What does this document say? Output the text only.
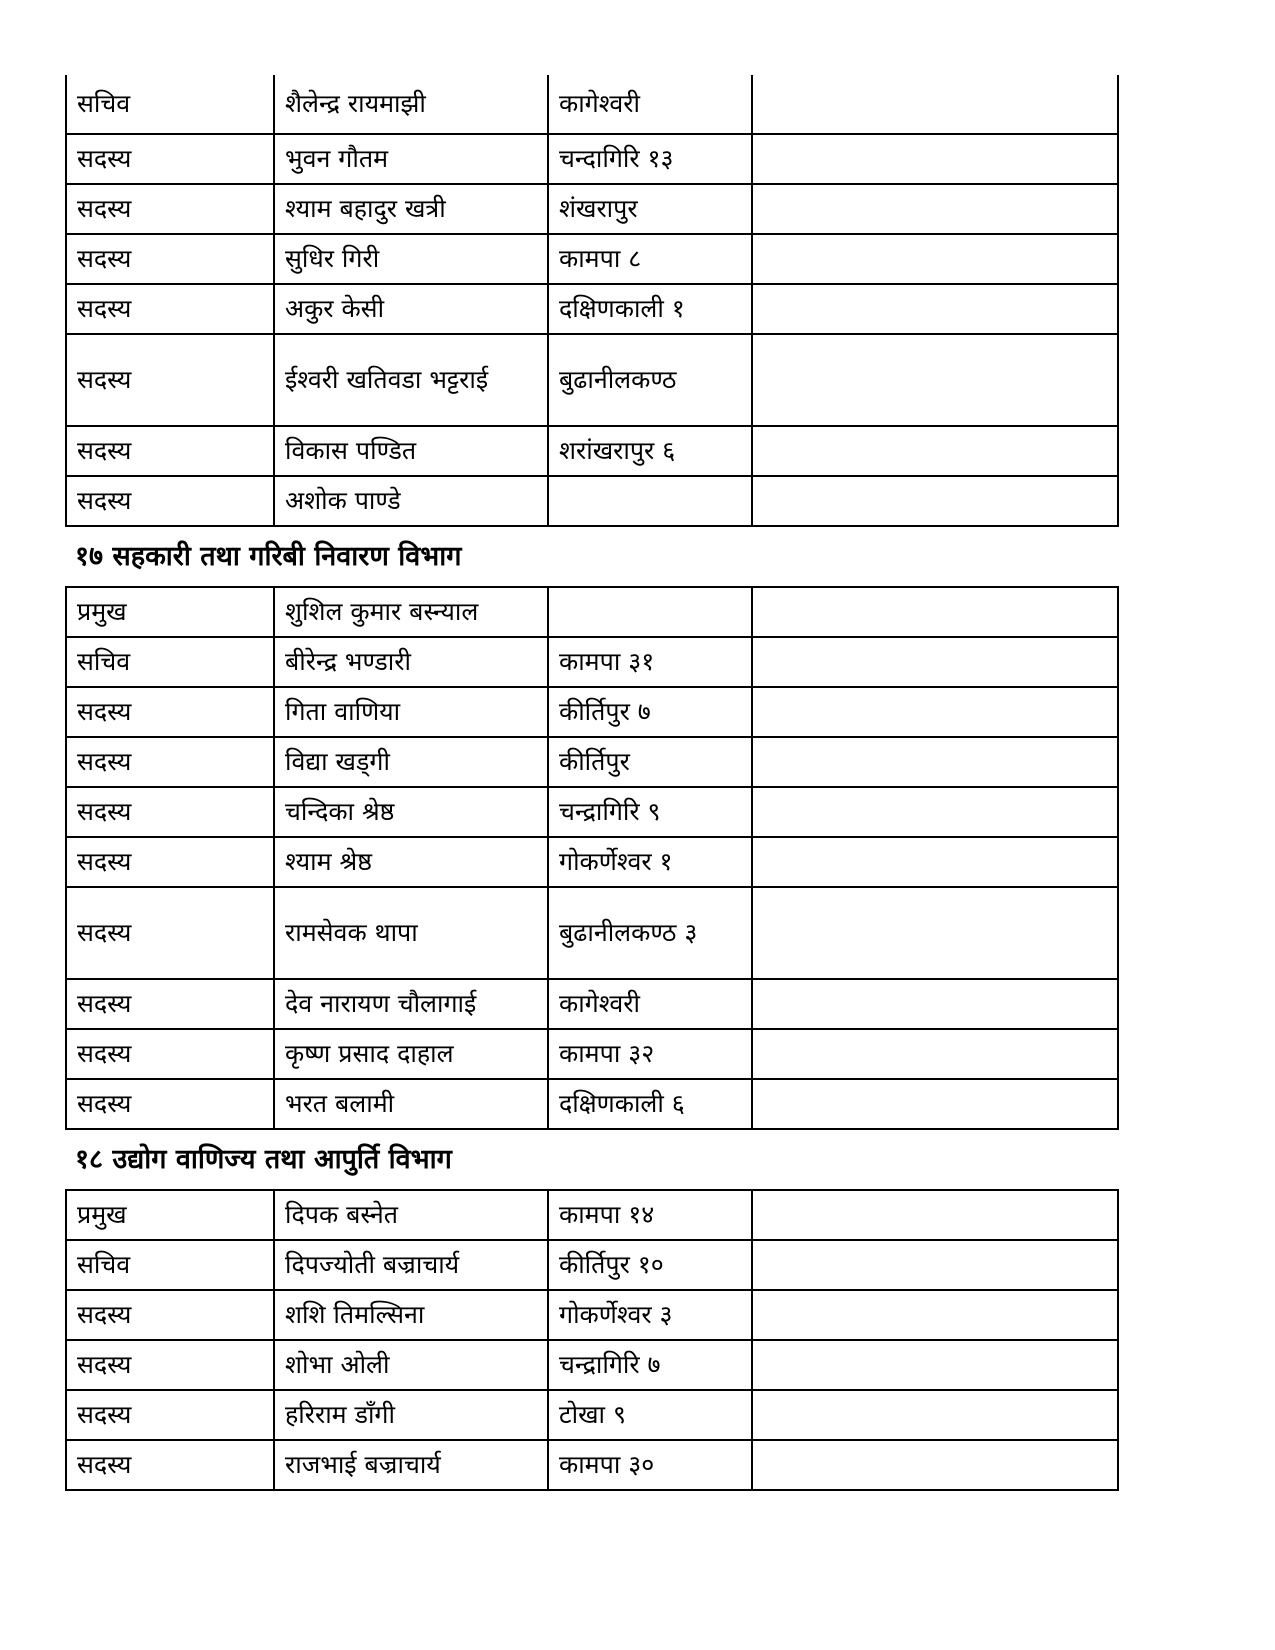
सचिव	शैलेन्द्र रायमाझी	कागेश्वरी	
सदस्य	भुवन गौतम	चन्दागिरि १३	
सदस्य	श्याम बहादुर खत्री	शंखरापुर	
सदस्य	सुधिर गिरी	कामपा ८	
सदस्य	अकुर केसी	दक्षिणकाली १	
सदस्य	ईश्वरी खतिवडा भट्टराई	बुढानीलकण्ठ	
सदस्य	विकास पण्डित	शरांखरापुर ६	
सदस्य	अशोक पाण्डे		
१७ सहकारी तथा गरिबी निवारण विभाग
प्रमुख	शुशिल कुमार बस्न्याल		
सचिव	बीरेन्द्र भण्डारी	कामपा ३१	
सदस्य	गिता वाणिया	कीर्तिपुर ७	
सदस्य	विद्या खड्गी	कीर्तिपुर	
सदस्य	चन्दिका श्रेष्ठ	चन्द्रागिरि ९	
सदस्य	श्याम श्रेष्ठ	गोकर्णेश्वर १	
सदस्य	रामसेवक थापा	बुढानीलकण्ठ ३	
सदस्य	देव नारायण चौलागाई	कागेश्वरी	
सदस्य	कृष्ण प्रसाद दाहाल	कामपा ३२	
सदस्य	भरत बलामी	दक्षिणकाली ६	
१८ उद्योग वाणिज्य तथा आपुर्ति विभाग
प्रमुख	दिपक बस्नेत	कामपा १४	
सचिव	दिपज्योती बज्राचार्य	कीर्तिपुर १०	
सदस्य	शशि तिमल्सिना	गोकर्णेश्वर ३	
सदस्य	शोभा ओली	चन्द्रागिरि ७	
सदस्य	हरिराम डाँगी	टोखा ९	
सदस्य	राजभाई बज्राचार्य	कामपा ३०	
